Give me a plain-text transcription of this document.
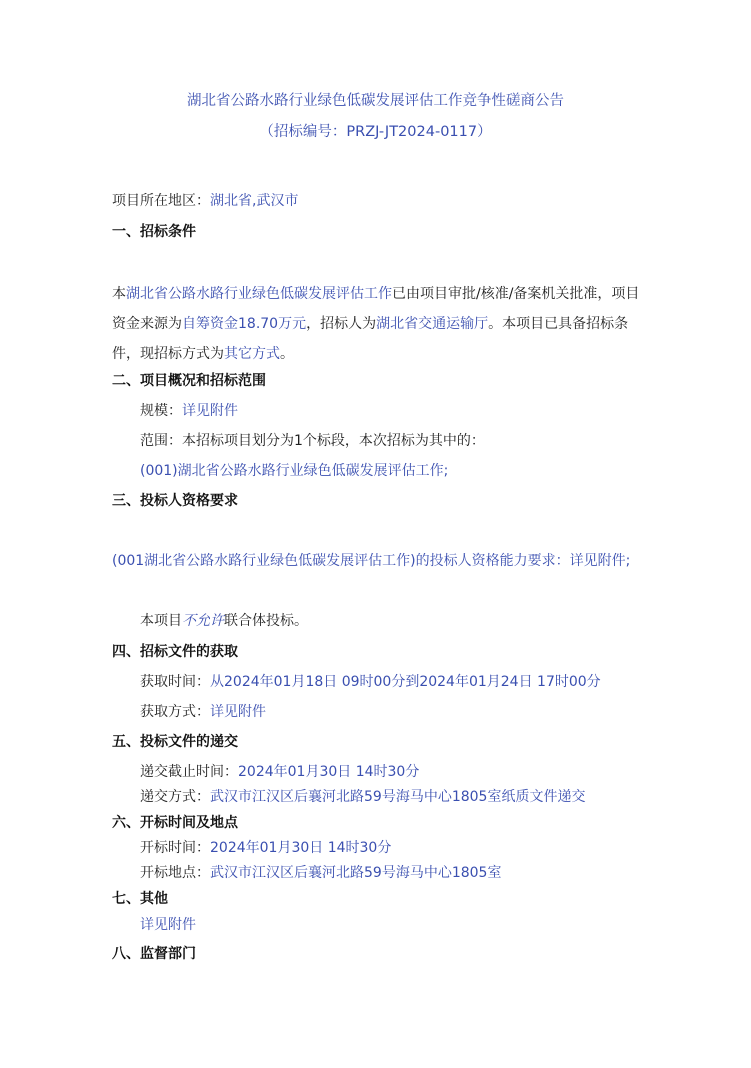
湖北省公路水路行业绿色低碳发展评估工作竞争性磋商公告
（招标编号：PRZJ-JT2024-0117）
项目所在地区：湖北省,武汉市
一、招标条件
本湖北省公路水路行业绿色低碳发展评估工作已由项目审批/核准/备案机关批准，项目资金来源为自筹资金18.70万元，招标人为湖北省交通运输厅。本项目已具备招标条件，现招标方式为其它方式。
二、项目概况和招标范围
规模：详见附件
范围：本招标项目划分为1个标段，本次招标为其中的：
(001)湖北省公路水路行业绿色低碳发展评估工作;
三、投标人资格要求
(001湖北省公路水路行业绿色低碳发展评估工作)的投标人资格能力要求：详见附件;
本项目不允许联合体投标。
四、招标文件的获取
获取时间：从2024年01月18日 09时00分到2024年01月24日 17时00分
获取方式：详见附件
五、投标文件的递交
递交截止时间：2024年01月30日 14时30分
递交方式：武汉市江汉区后襄河北路59号海马中心1805室纸质文件递交
六、开标时间及地点
开标时间：2024年01月30日 14时30分
开标地点：武汉市江汉区后襄河北路59号海马中心1805室
七、其他
详见附件
八、监督部门
